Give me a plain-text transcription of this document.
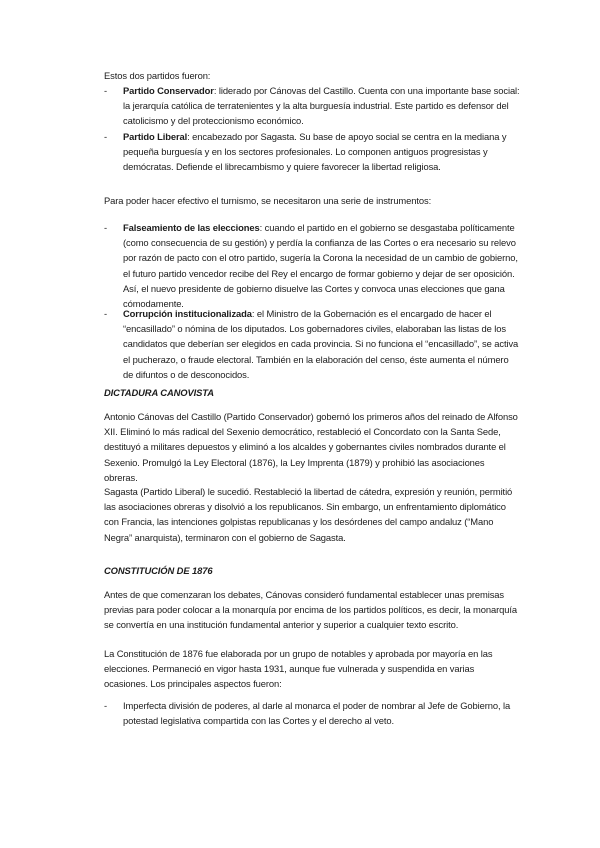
Estos dos partidos fueron:

-	Partido Conservador: liderado por Cánovas del Castillo. Cuenta con una importante base social: la jerarquía católica de terratenientes y la alta burguesía industrial. Este partido es defensor del catolicismo y del proteccionismo económico.
-	Partido Liberal: encabezado por Sagasta. Su base de apoyo social se centra en la mediana y pequeña burguesía y en los sectores profesionales. Lo componen antiguos progresistas y demócratas. Defiende el librecambismo y quiere favorecer la libertad religiosa.

Para poder hacer efectivo el turnismo, se necesitaron una serie de instrumentos:

-	Falseamiento de las elecciones: cuando el partido en el gobierno se desgastaba políticamente (como consecuencia de su gestión) y perdía la confianza de las Cortes o era necesario su relevo por razón de pacto con el otro partido, sugería la Corona la necesidad de un cambio de gobierno, el futuro partido vencedor recibe del Rey el encargo de formar gobierno y dejar de ser oposición. Así, el nuevo presidente de gobierno disuelve las Cortes y convoca unas elecciones que gana cómodamente.
-	Corrupción institucionalizada: el Ministro de la Gobernación es el encargado de hacer el “encasillado” o nómina de los diputados. Los gobernadores civiles, elaboraban las listas de los candidatos que deberían ser elegidos en cada provincia. Si no funciona el “encasillado”, se activa el pucherazo, o fraude electoral. También en la elaboración del censo, éste aumenta el número de difuntos o de desconocidos.

DICTADURA CANOVISTA

Antonio Cánovas del Castillo (Partido Conservador) gobernó los primeros años del reinado de Alfonso XII. Eliminó lo más radical del Sexenio democrático, restableció el Concordato con la Santa Sede, destituyó a militares depuestos y eliminó a los alcaldes y gobernantes civiles nombrados durante el Sexenio. Promulgó la Ley Electoral (1876), la Ley Imprenta (1879) y prohibió las asociaciones obreras.

Sagasta (Partido Liberal) le sucedió. Restableció la libertad de cátedra, expresión y reunión, permitió las asociaciones obreras y disolvió a los republicanos. Sin embargo, un enfrentamiento diplomático con Francia, las intenciones golpistas republicanas y los desórdenes del campo andaluz (“Mano Negra” anarquista), terminaron con el gobierno de Sagasta.

CONSTITUCIÓN DE 1876

Antes de que comenzaran los debates, Cánovas consideró fundamental establecer unas premisas previas para poder colocar a la monarquía por encima de los partidos políticos, es decir, la monarquía se convertía en una institución fundamental anterior y superior a cualquier texto escrito.

La Constitución de 1876 fue elaborada por un grupo de notables y aprobada por mayoría en las elecciones. Permaneció en vigor hasta 1931, aunque fue vulnerada y suspendida en varias ocasiones. Los principales aspectos fueron:

-	Imperfecta división de poderes, al darle al monarca el poder de nombrar al Jefe de Gobierno, la potestad legislativa compartida con las Cortes y el derecho al veto.
